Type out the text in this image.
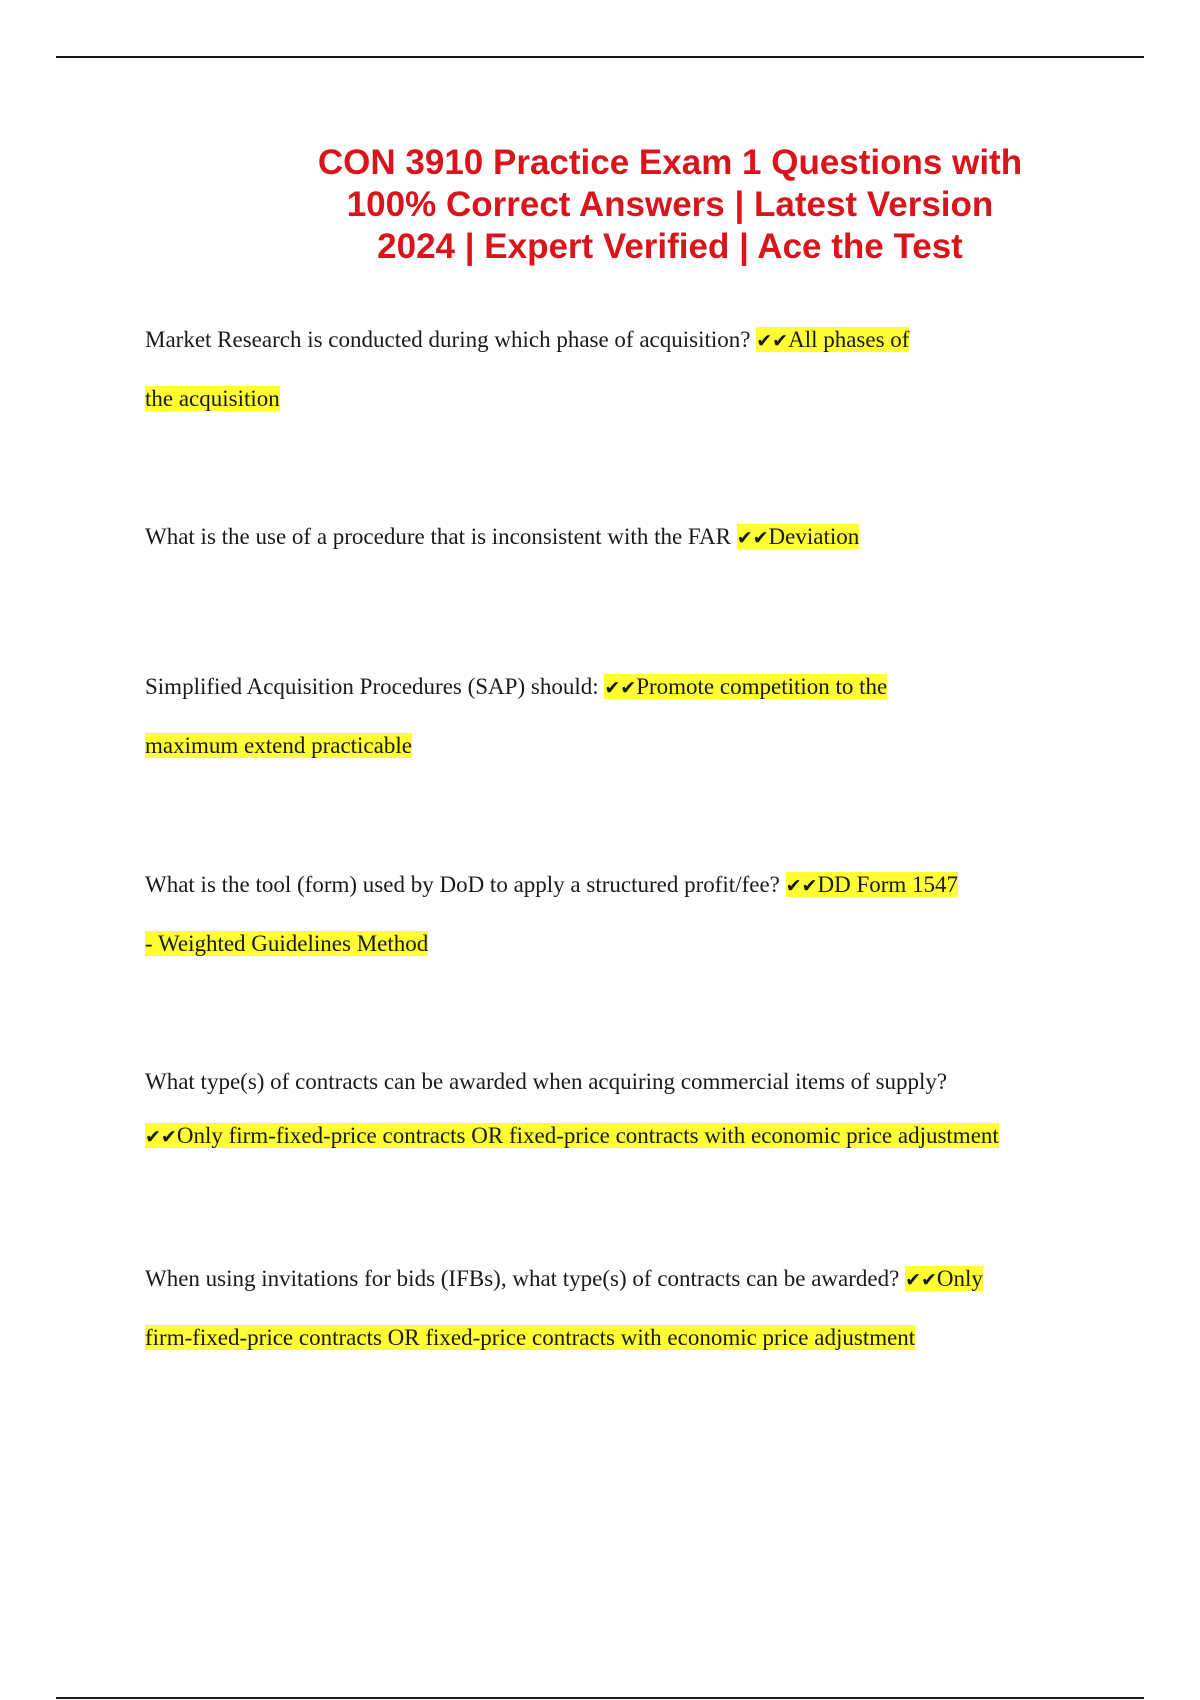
CON 3910 Practice Exam 1 Questions with
100% Correct Answers | Latest Version
2024 | Expert Verified | Ace the Test
Market Research is conducted during which phase of acquisition? ✔✔All phases of
the acquisition
What is the use of a procedure that is inconsistent with the FAR ✔✔Deviation
Simplified Acquisition Procedures (SAP) should: ✔✔Promote competition to the
maximum extend practicable
What is the tool (form) used by DoD to apply a structured profit/fee? ✔✔DD Form 1547
- Weighted Guidelines Method
What type(s) of contracts can be awarded when acquiring commercial items of supply?
✔✔Only firm-fixed-price contracts OR fixed-price contracts with economic price adjustment
When using invitations for bids (IFBs), what type(s) of contracts can be awarded? ✔✔Only
firm-fixed-price contracts OR fixed-price contracts with economic price adjustment
